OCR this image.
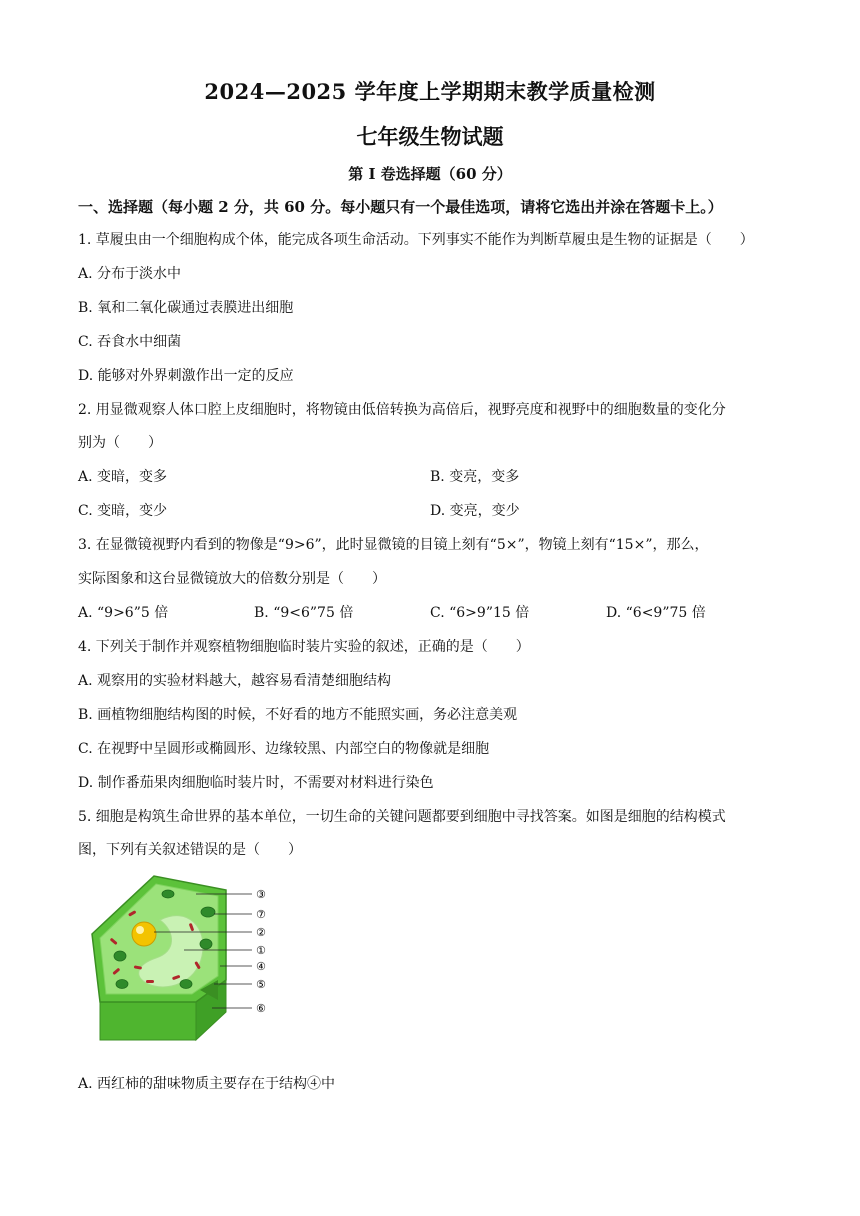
2024—2025 学年度上学期期末教学质量检测
七年级生物试题
第 I 卷选择题（60 分）
一、选择题（每小题 2 分，共 60 分。每小题只有一个最佳选项，请将它选出并涂在答题卡上。）
1. 草履虫由一个细胞构成个体，能完成各项生命活动。下列事实不能作为判断草履虫是生物的证据是（　　）
A. 分布于淡水中
B. 氧和二氧化碳通过表膜进出细胞
C. 吞食水中细菌
D. 能够对外界刺激作出一定的反应
2. 用显微观察人体口腔上皮细胞时，将物镜由低倍转换为高倍后，视野亮度和视野中的细胞数量的变化分
别为（　　）
A. 变暗，变多	B. 变亮，变多
C. 变暗，变少	D. 变亮，变少
3. 在显微镜视野内看到的物像是“9>6”，此时显微镜的目镜上刻有“5×”，物镜上刻有“15×”，那么，
实际图象和这台显微镜放大的倍数分别是（　　）
A. “9>6”5 倍	B. “9<6”75 倍	C. “6>9”15 倍	D. “6<9”75 倍
4. 下列关于制作并观察植物细胞临时装片实验的叙述，正确的是（　　）
A. 观察用的实验材料越大，越容易看清楚细胞结构
B. 画植物细胞结构图的时候，不好看的地方不能照实画，务必注意美观
C. 在视野中呈圆形或椭圆形、边缘较黑、内部空白的物像就是细胞
D. 制作番茄果肉细胞临时装片时，不需要对材料进行染色
5. 细胞是构筑生命世界的基本单位，一切生命的关键问题都要到细胞中寻找答案。如图是细胞的结构模式
图，下列有关叙述错误的是（　　）
③
⑦
②
①
④
⑤
⑥
A. 西红柿的甜味物质主要存在于结构④中
